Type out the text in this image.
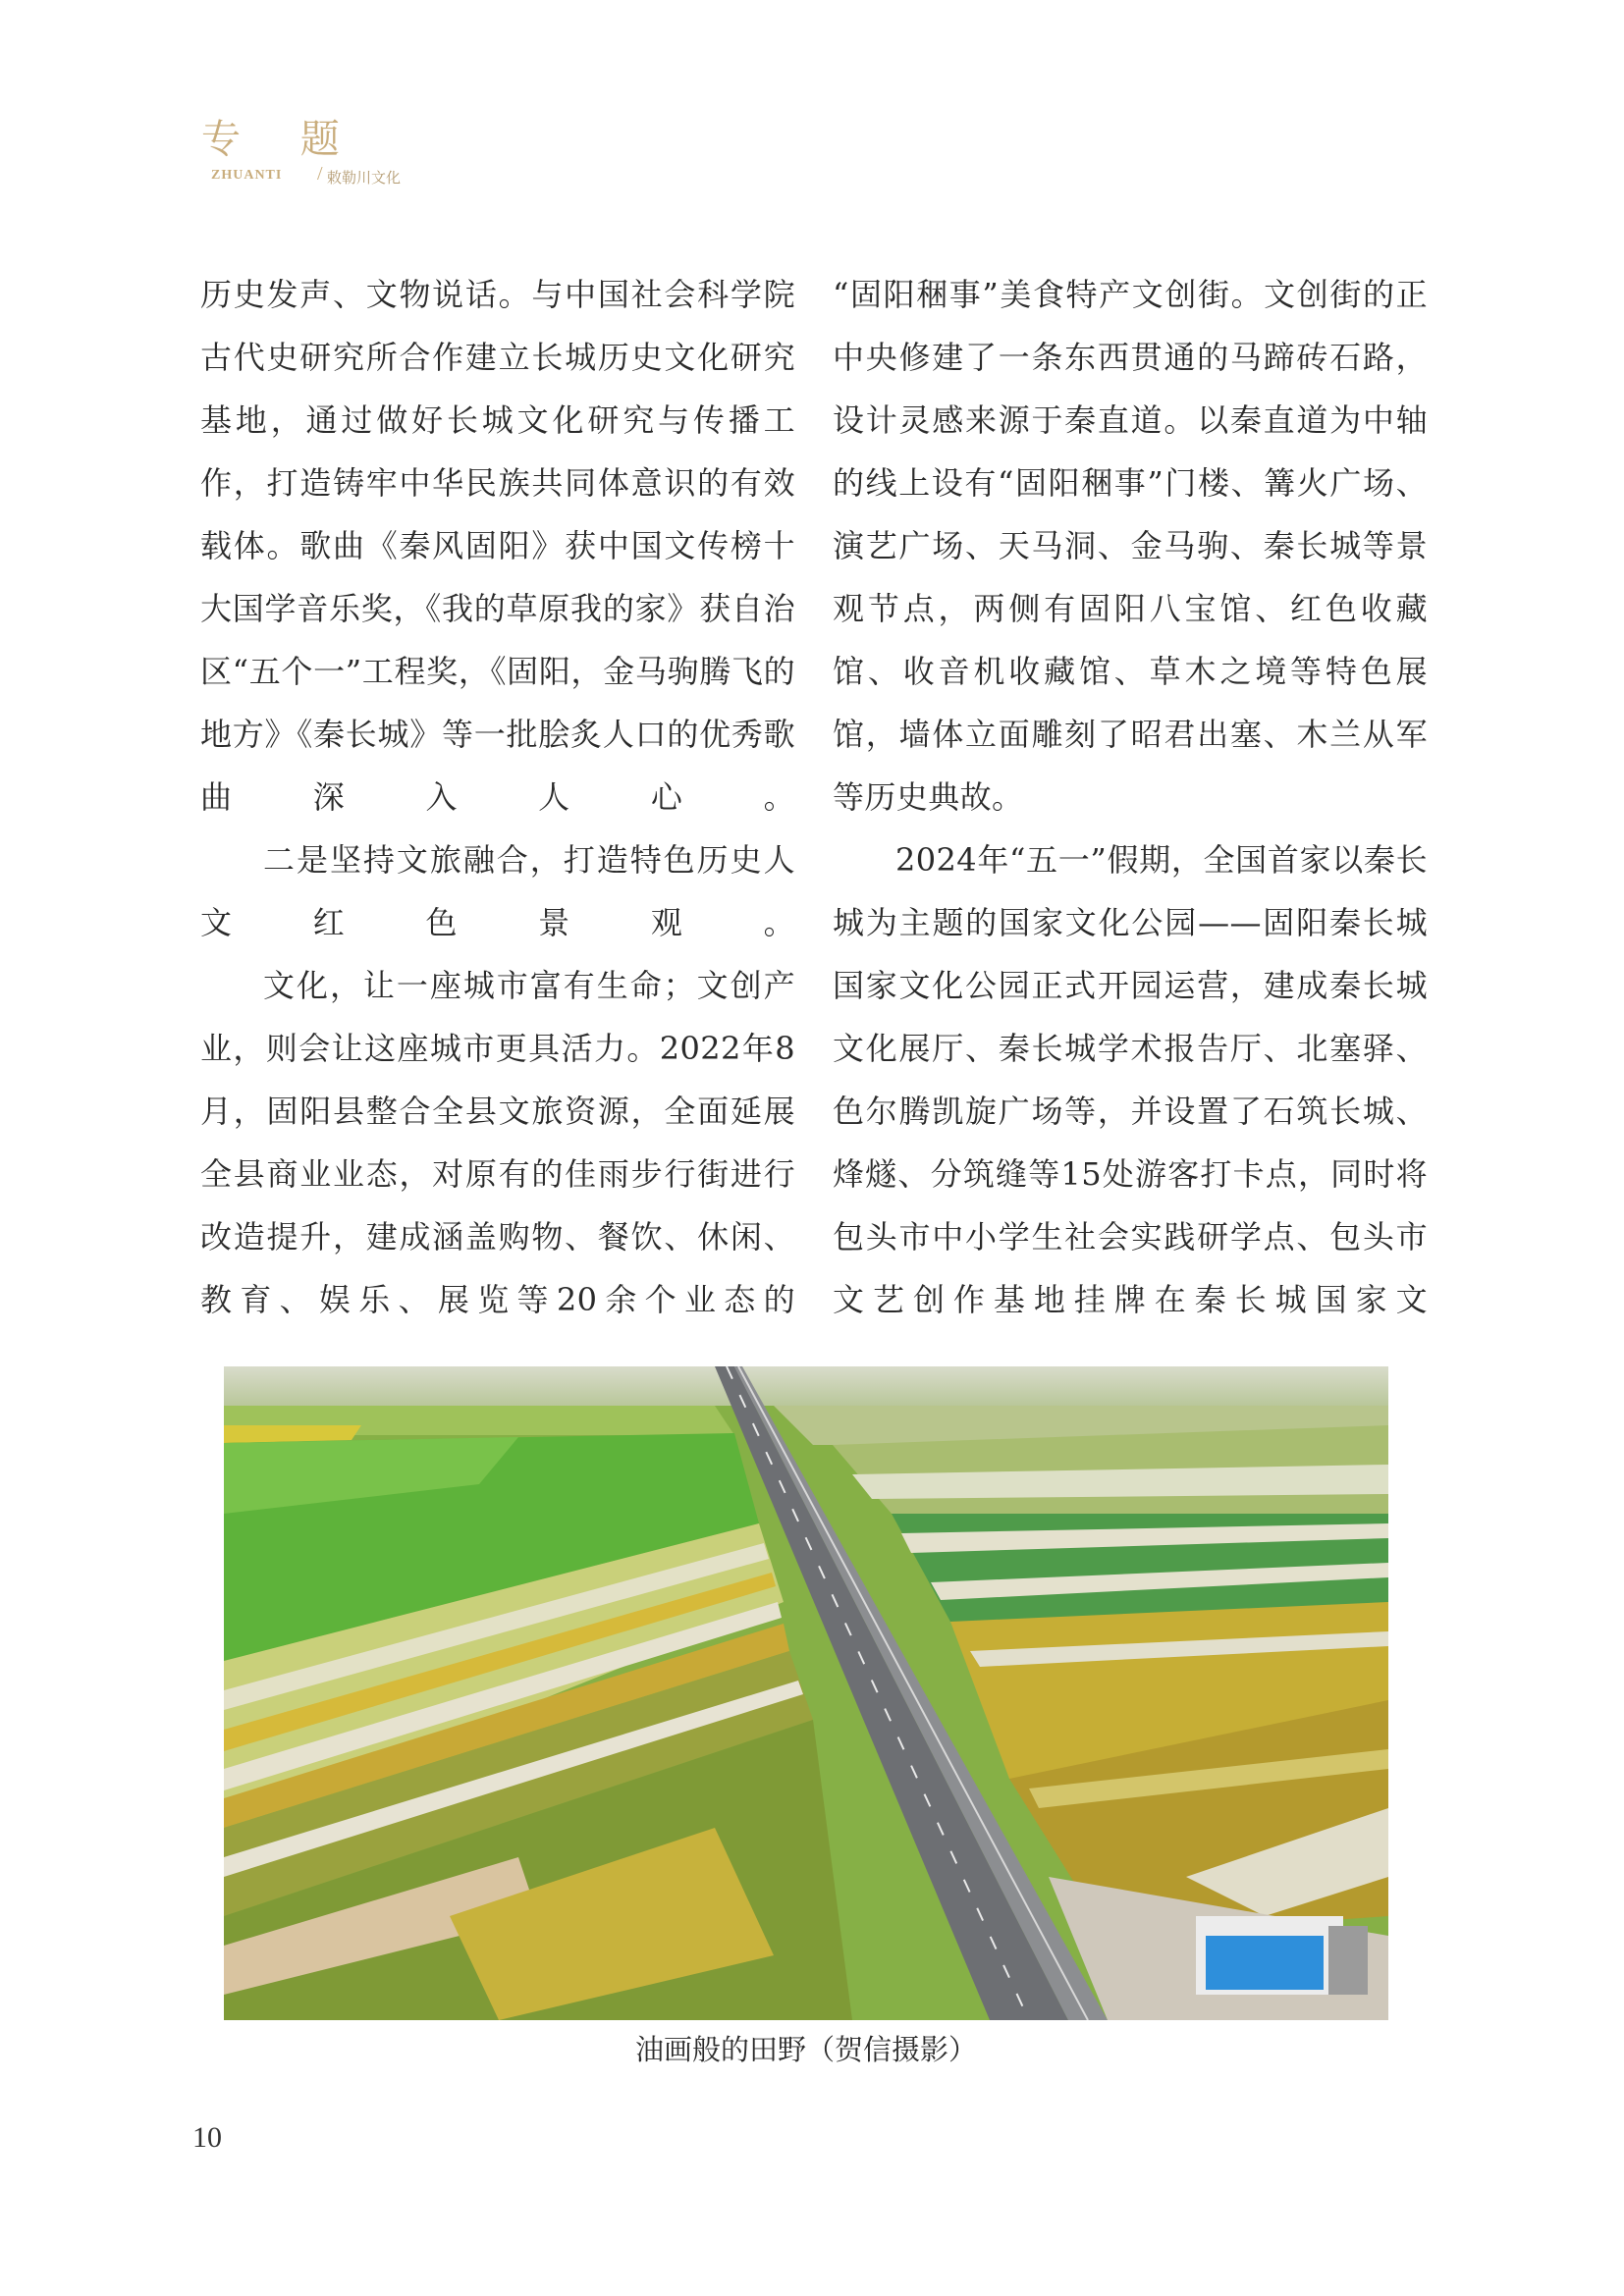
专 题
ZHUANTI / 敕勒川文化

历史发声、文物说话。与中国社会科学院古代史研究所合作建立长城历史文化研究基地，通过做好长城文化研究与传播工作，打造铸牢中华民族共同体意识的有效载体。歌曲《秦风固阳》获中国文传榜十大国学音乐奖，《我的草原我的家》获自治区“五个一”工程奖，《固阳，金马驹腾飞的地方》《秦长城》等一批脍炙人口的优秀歌曲深入人心。

二是坚持文旅融合，打造特色历史人文红色景观。

文化，让一座城市富有生命；文创产业，则会让这座城市更具活力。2022年8月，固阳县整合全县文旅资源，全面延展全县商业业态，对原有的佳雨步行街进行改造提升，建成涵盖购物、餐饮、休闲、教育、娱乐、展览等20余个业态的

“固阳稇事”美食特产文创街。文创街的正中央修建了一条东西贯通的马蹄砖石路，设计灵感来源于秦直道。以秦直道为中轴的线上设有“固阳稇事”门楼、篝火广场、演艺广场、天马洞、金马驹、秦长城等景观节点，两侧有固阳八宝馆、红色收藏馆、收音机收藏馆、草木之境等特色展馆，墙体立面雕刻了昭君出塞、木兰从军等历史典故。

2024年“五一”假期，全国首家以秦长城为主题的国家文化公园——固阳秦长城国家文化公园正式开园运营，建成秦长城文化展厅、秦长城学术报告厅、北塞驿、色尔腾凯旋广场等，并设置了石筑长城、烽燧、分筑缝等15处游客打卡点，同时将包头市中小学生社会实践研学点、包头市文艺创作基地挂牌在秦长城国家文

油画般的田野（贺信摄影）
10
